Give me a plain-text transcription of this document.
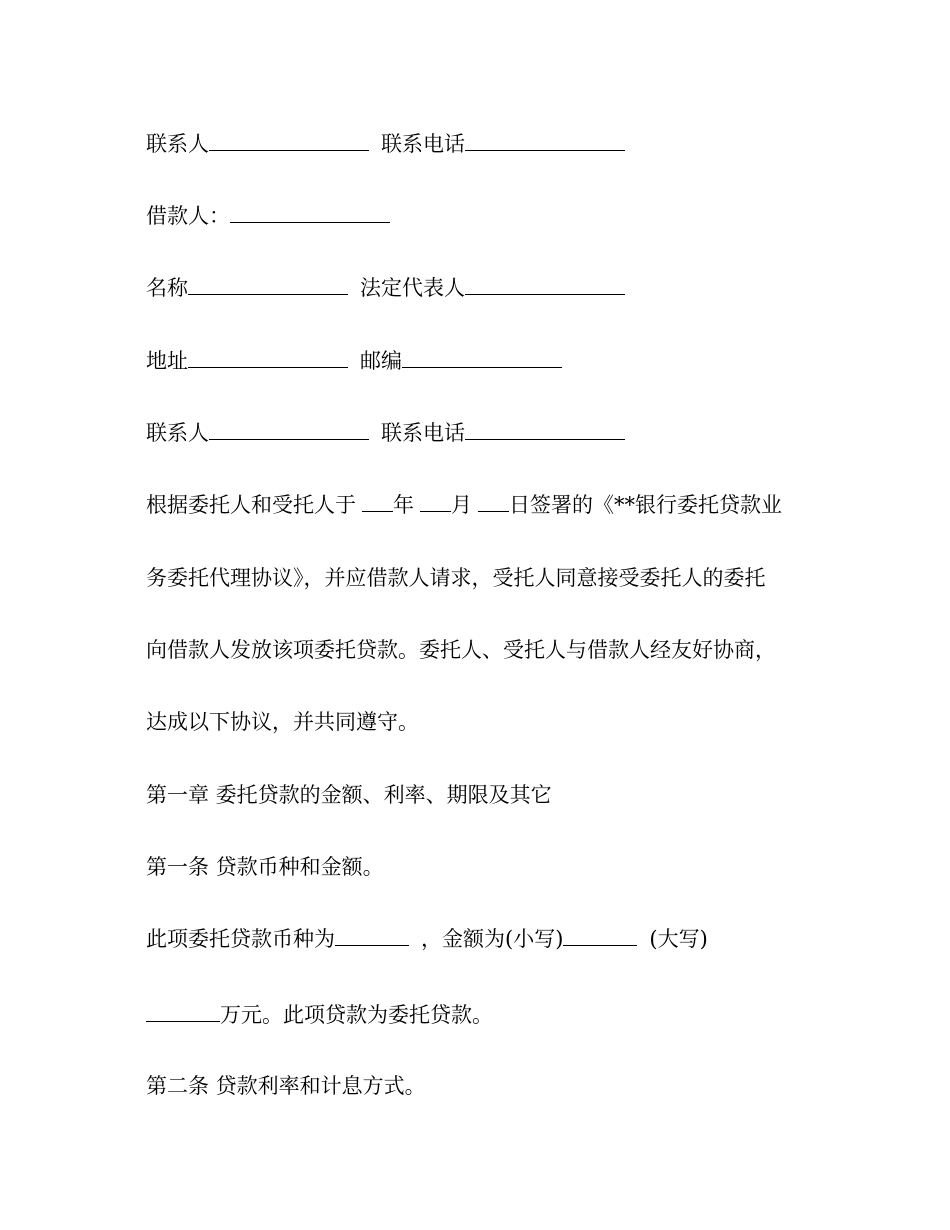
联系人	联系电话
借款人：
名称	法定代表人
地址	邮编
联系人	联系电话
根据委托人和受托人于 年 月 日签署的《**银行委托贷款业
务委托代理协议》，并应借款人请求，受托人同意接受委托人的委托
向借款人发放该项委托贷款。委托人、受托人与借款人经友好协商，
达成以下协议，并共同遵守。
第一章 委托贷款的金额、利率、期限及其它
第一条 贷款币种和金额。
此项委托贷款币种为	，金额为(小写)	(大写)
万元。此项贷款为委托贷款。
第二条 贷款利率和计息方式。
